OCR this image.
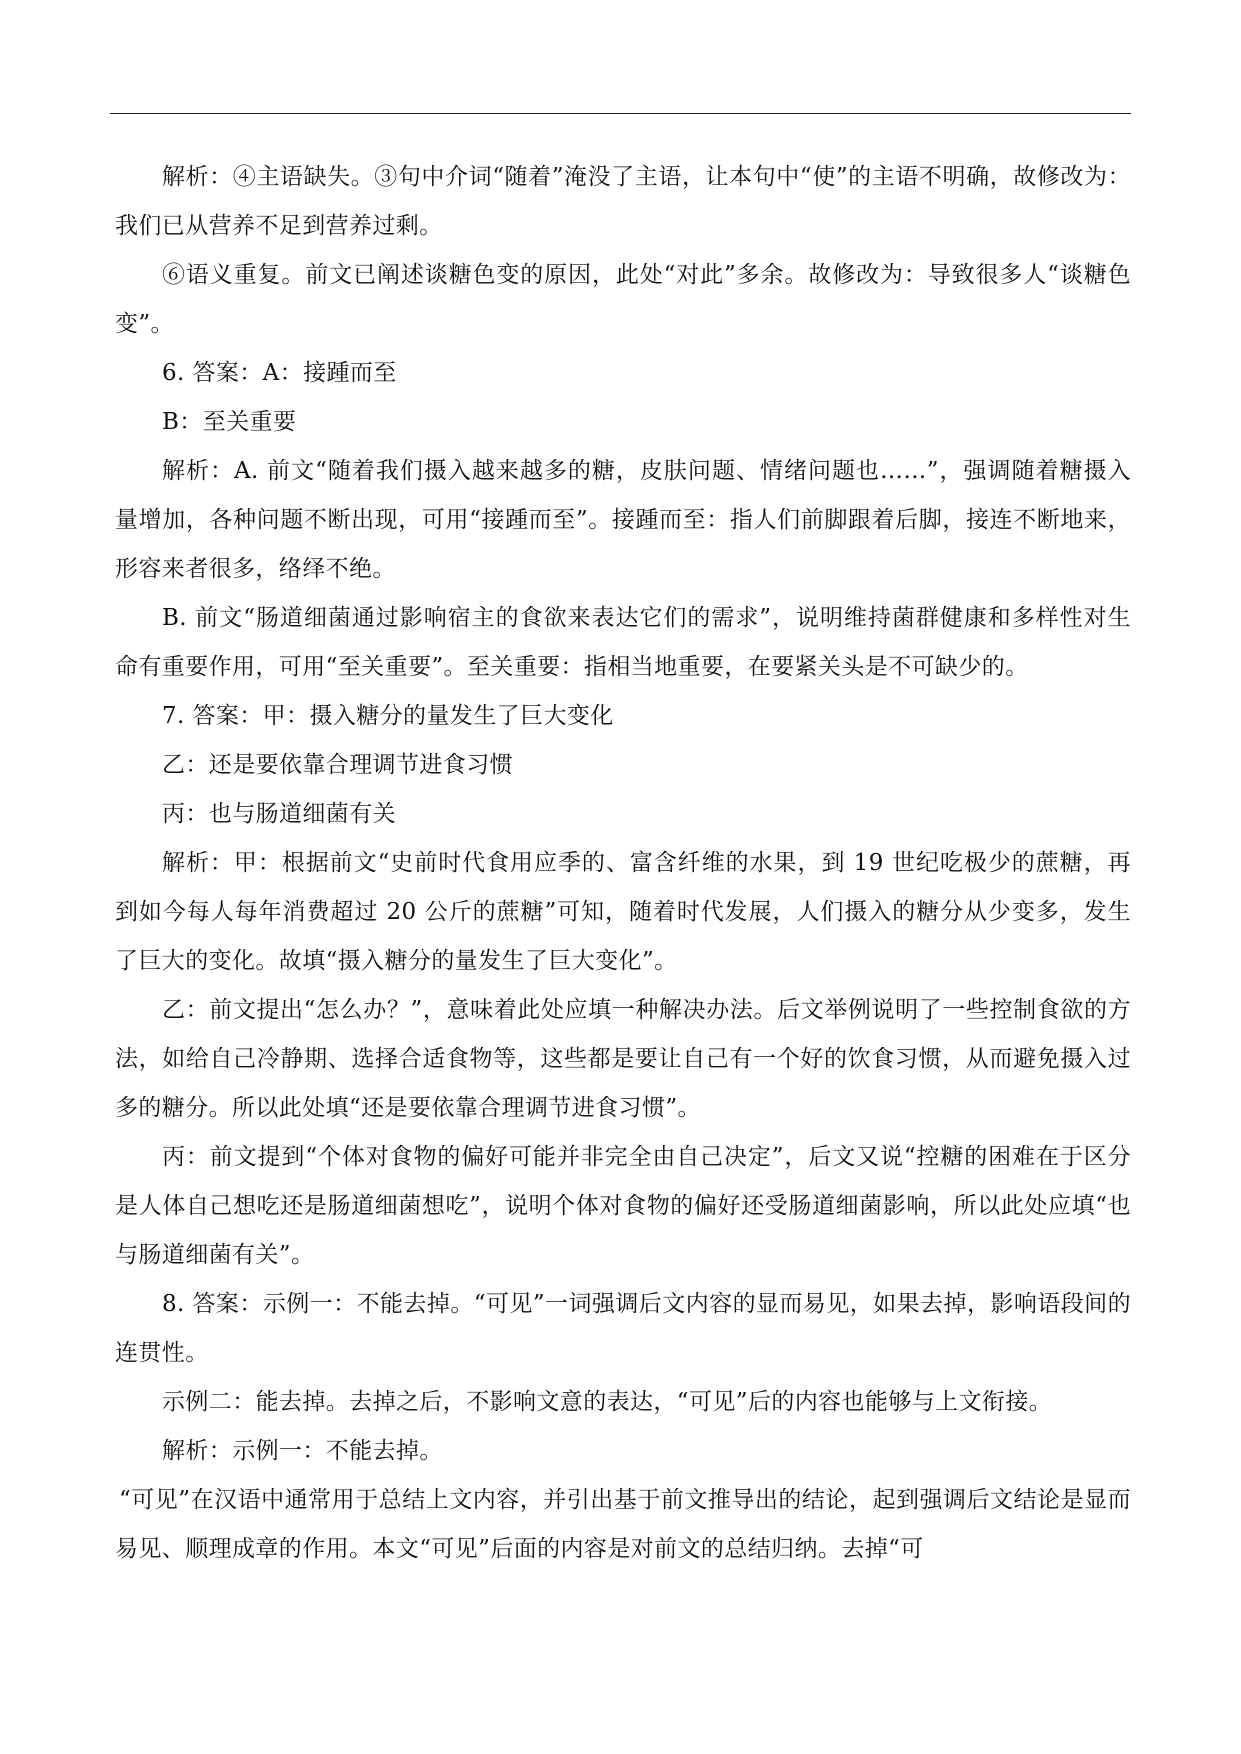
解析：④主语缺失。③句中介词“随着”淹没了主语，让本句中“使”的主语不明确，故修改为：我们已从营养不足到营养过剩。

⑥语义重复。前文已阐述谈糖色变的原因，此处“对此”多余。故修改为：导致很多人“谈糖色变”。

6. 答案：A：接踵而至

B：至关重要

解析：A. 前文“随着我们摄入越来越多的糖，皮肤问题、情绪问题也……”，强调随着糖摄入量增加，各种问题不断出现，可用“接踵而至”。接踵而至：指人们前脚跟着后脚，接连不断地来，形容来者很多，络绎不绝。

B. 前文“肠道细菌通过影响宿主的食欲来表达它们的需求”，说明维持菌群健康和多样性对生命有重要作用，可用“至关重要”。至关重要：指相当地重要，在要紧关头是不可缺少的。

7. 答案：甲：摄入糖分的量发生了巨大变化

乙：还是要依靠合理调节进食习惯

丙：也与肠道细菌有关

解析：甲：根据前文“史前时代食用应季的、富含纤维的水果，到 19 世纪吃极少的蔗糖，再到如今每人每年消费超过 20 公斤的蔗糖”可知，随着时代发展，人们摄入的糖分从少变多，发生了巨大的变化。故填“摄入糖分的量发生了巨大变化”。

乙：前文提出“怎么办？”，意味着此处应填一种解决办法。后文举例说明了一些控制食欲的方法，如给自己冷静期、选择合适食物等，这些都是要让自己有一个好的饮食习惯，从而避免摄入过多的糖分。所以此处填“还是要依靠合理调节进食习惯”。

丙：前文提到“个体对食物的偏好可能并非完全由自己决定”，后文又说“控糖的困难在于区分是人体自己想吃还是肠道细菌想吃”，说明个体对食物的偏好还受肠道细菌影响，所以此处应填“也与肠道细菌有关”。

8. 答案：示例一：不能去掉。“可见”一词强调后文内容的显而易见，如果去掉，影响语段间的连贯性。

示例二：能去掉。去掉之后，不影响文意的表达，“可见”后的内容也能够与上文衔接。

解析：示例一：不能去掉。

“可见”在汉语中通常用于总结上文内容，并引出基于前文推导出的结论，起到强调后文结论是显而易见、顺理成章的作用。本文“可见”后面的内容是对前文的总结归纳。去掉“可
